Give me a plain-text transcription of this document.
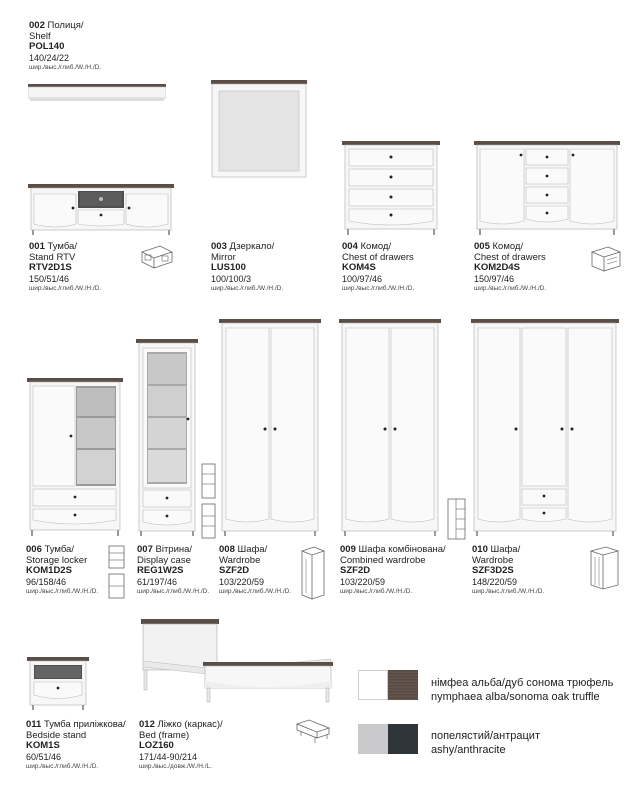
002 Полиця/
Shelf
POL140
140/24/22
шир./выс./глиб./W./H./D.
001 Тумба/
Stand RTV
RTV2D1S
150/51/46
шир./выс./глиб./W./H./D.
003 Дзеркало/
Mirror
LUS100
100/100/3
шир./выс./глиб./W./H./D.
004 Комод/
Chest of drawers
KOM4S
100/97/46
шир./выс./глиб./W./H./D.
005 Комод/
Chest of drawers
KOM2D4S
150/97/46
шир./выс./глиб./W./H./D.
006 Тумба/
Storage locker
KOM1D2S
96/158/46
шир./выс./глиб./W./H./D.
007 Вітрина/
Display case
REG1W2S
61/197/46
шир./выс./глиб./W./H./D.
008 Шафа/
Wardrobe
SZF2D
103/220/59
шир./выс./глиб./W./H./D.
009 Шафа комбінована/
Combined wardrobe
SZF2D
103/220/59
шир./выс./глиб./W./H./D.
010 Шафа/
Wardrobe
SZF3D2S
148/220/59
шир./выс./глиб./W./H./D.
011 Тумба приліжкова/
Bedside stand
KOM1S
60/51/46
шир./выс./глиб./W./H./D.
012 Ліжко (каркас)/
Bed (frame)
LOZ160
171/44-90/214
шир./выс./довж./W./H./L.
німфеа альба/дуб сонома трюфель
nymphaea alba/sonoma oak truffle
попелястий/антрацит
ashy/anthracite
